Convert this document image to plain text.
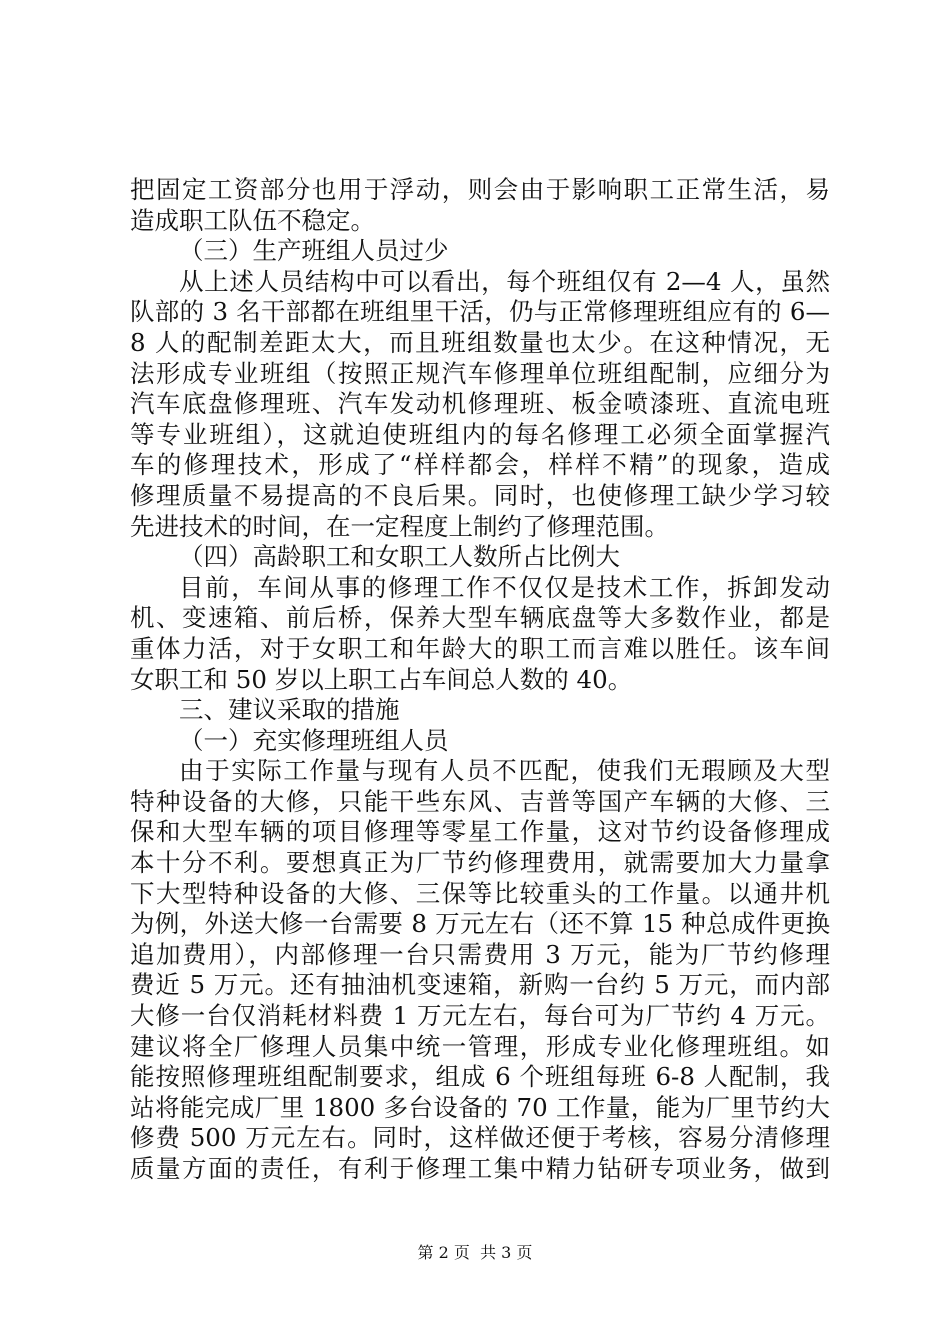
把固定工资部分也用于浮动，则会由于影响职工正常生活，易
造成职工队伍不稳定。
（三）生产班组人员过少
从上述人员结构中可以看出，每个班组仅有 2—4 人，虽然
队部的 3 名干部都在班组里干活，仍与正常修理班组应有的 6—
8 人的配制差距太大，而且班组数量也太少。在这种情况，无
法形成专业班组（按照正规汽车修理单位班组配制，应细分为
汽车底盘修理班、汽车发动机修理班、板金喷漆班、直流电班
等专业班组），这就迫使班组内的每名修理工必须全面掌握汽
车的修理技术，形成了“样样都会，样样不精”的现象，造成
修理质量不易提高的不良后果。同时，也使修理工缺少学习较
先进技术的时间，在一定程度上制约了修理范围。
（四）高龄职工和女职工人数所占比例大
目前，车间从事的修理工作不仅仅是技术工作，拆卸发动
机、变速箱、前后桥，保养大型车辆底盘等大多数作业，都是
重体力活，对于女职工和年龄大的职工而言难以胜任。该车间
女职工和 50 岁以上职工占车间总人数的 40。
三、建议采取的措施
（一）充实修理班组人员
由于实际工作量与现有人员不匹配，使我们无瑕顾及大型
特种设备的大修，只能干些东风、吉普等国产车辆的大修、三
保和大型车辆的项目修理等零星工作量，这对节约设备修理成
本十分不利。要想真正为厂节约修理费用，就需要加大力量拿
下大型特种设备的大修、三保等比较重头的工作量。以通井机
为例，外送大修一台需要 8 万元左右（还不算 15 种总成件更换
追加费用），内部修理一台只需费用 3 万元，能为厂节约修理
费近 5 万元。还有抽油机变速箱，新购一台约 5 万元，而内部
大修一台仅消耗材料费 1 万元左右，每台可为厂节约 4 万元。
建议将全厂修理人员集中统一管理，形成专业化修理班组。如
能按照修理班组配制要求，组成 6 个班组每班 6-8 人配制，我
站将能完成厂里 1800 多台设备的 70 工作量，能为厂里节约大
修费 500 万元左右。同时，这样做还便于考核，容易分清修理
质量方面的责任，有利于修理工集中精力钻研专项业务，做到
第 2 页  共 3 页
